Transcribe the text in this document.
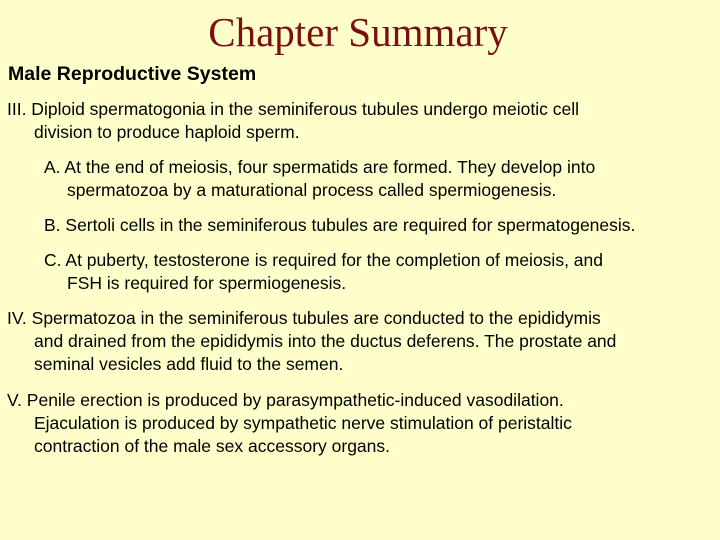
Chapter Summary
Male Reproductive System
III. Diploid spermatogonia in the seminiferous tubules undergo meiotic cell
division to produce haploid sperm.
A. At the end of meiosis, four spermatids are formed. They develop into
spermatozoa by a maturational process called spermiogenesis.
B. Sertoli cells in the seminiferous tubules are required for spermatogenesis.
C. At puberty, testosterone is required for the completion of meiosis, and
FSH is required for spermiogenesis.
IV. Spermatozoa in the seminiferous tubules are conducted to the epididymis
and drained from the epididymis into the ductus deferens. The prostate and
seminal vesicles add fluid to the semen.
V. Penile erection is produced by parasympathetic-induced vasodilation.
Ejaculation is produced by sympathetic nerve stimulation of peristaltic
contraction of the male sex accessory organs.
